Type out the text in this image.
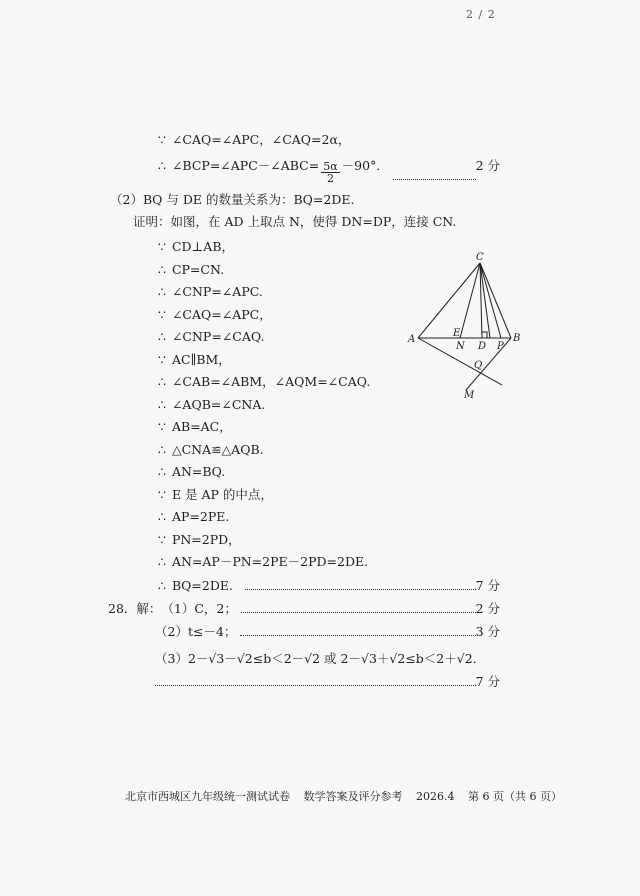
2 / 2
∵ ∠CAQ=∠APC，∠CAQ=2α，
∴ ∠BCP=∠APC－∠ABC= $\frac{5\alpha}{2} -90^\circ$．	2 分
（2）BQ 与 DE 的数量关系为：BQ=2DE.
证明：如图，在 AD 上取点 N，使得 DN=DP，连接 CN.
∵ CD⊥AB，
∴ CP=CN.
∴ ∠CNP=∠APC.
∵ ∠CAQ=∠APC，
∴ ∠CNP=∠CAQ.
∵ AC∥BM，
∴ ∠CAB=∠ABM，∠AQM=∠CAQ.
∴ ∠AQB=∠CNA.
∵ AB=AC，
∴ △CNA≌△AQB.
∴ AN=BQ.
∵ E 是 AP 的中点，
∴ AP=2PE.
∵ PN=2PD，
∴ AN=AP－PN=2PE－2PD=2DE.
∴ BQ=2DE.	7 分
28．解： （1）C，2；	2 分
（2）t≤－4；	3 分
（3）2－√3－√2≤b＜2－√2 或 2－√3＋√2≤b＜2＋√2．
7 分
C
A	B
E
N D P
Q
M
北京市西城区九年级统一测试试卷 数学答案及评分参考 2026.4 第 6 页（共 6 页）
